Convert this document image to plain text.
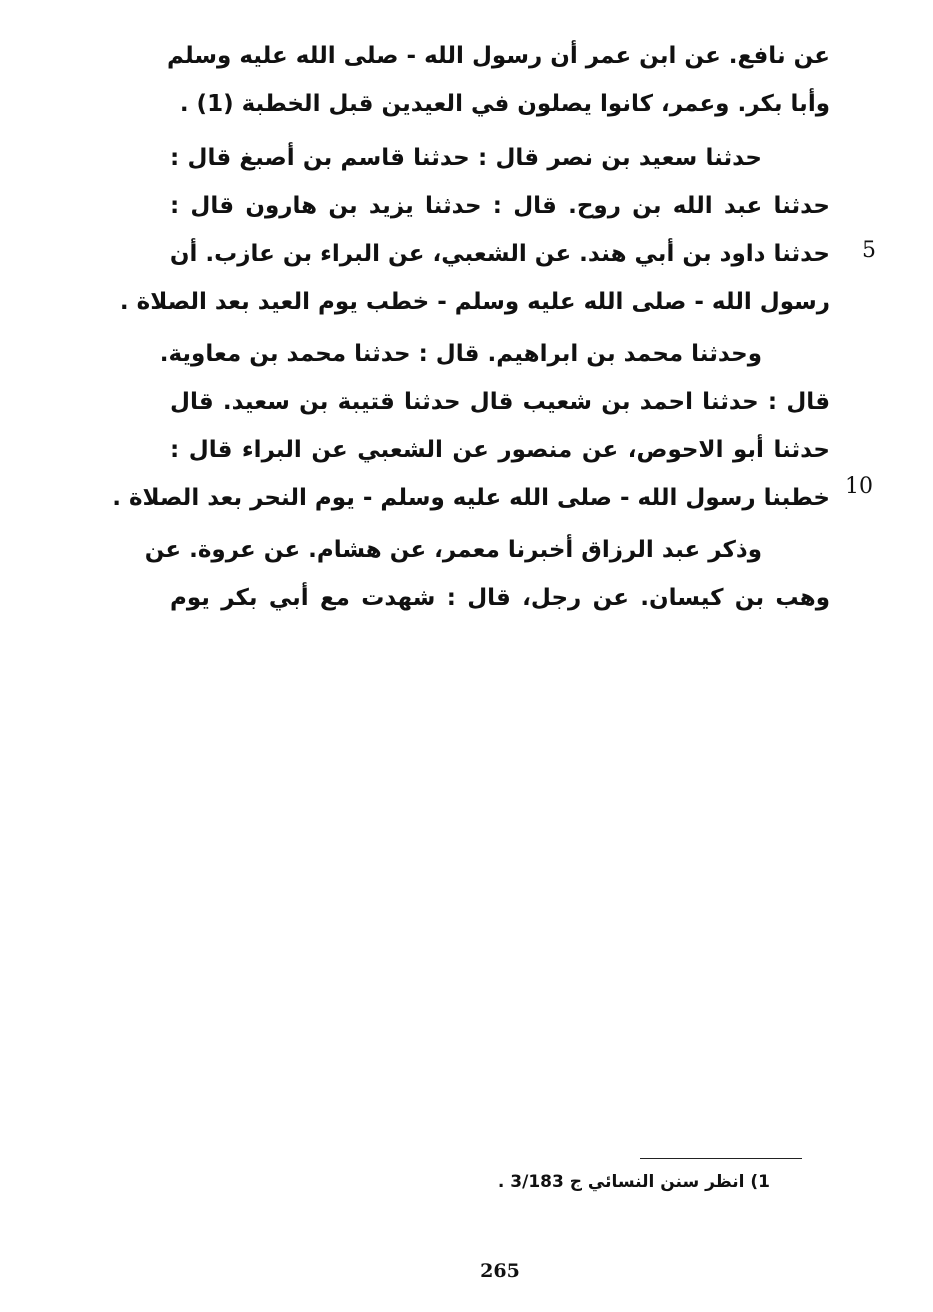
عن نافع. عن ابن عمر أن رسول الله - صلى الله عليه وسلم
وأبا بكر. وعمر، كانوا يصلون في العيدين قبل الخطبة (1) .
حدثنا سعيد بن نصر قال : حدثنا قاسم بن أصبغ قال :
حدثنا عبد الله بن روح. قال : حدثنا يزيد بن هارون قال :
حدثنا داود بن أبي هند. عن الشعبي، عن البراء بن عازب. أن
رسول الله - صلى الله عليه وسلم - خطب يوم العيد بعد الصلاة .
5
وحدثنا محمد بن ابراهيم. قال : حدثنا محمد بن معاوية.
قال : حدثنا احمد بن شعيب قال حدثنا قتيبة بن سعيد. قال
حدثنا أبو الاحوص، عن منصور عن الشعبي عن البراء قال :
خطبنا رسول الله - صلى الله عليه وسلم - يوم النحر بعد الصلاة . 10
وذكر عبد الرزاق أخبرنا معمر، عن هشام. عن عروة. عن
وهب بن كيسان. عن رجل، قال : شهدت مع أبي بكر يوم
1) انظر سنن النسائي ج 3/183 .
265
